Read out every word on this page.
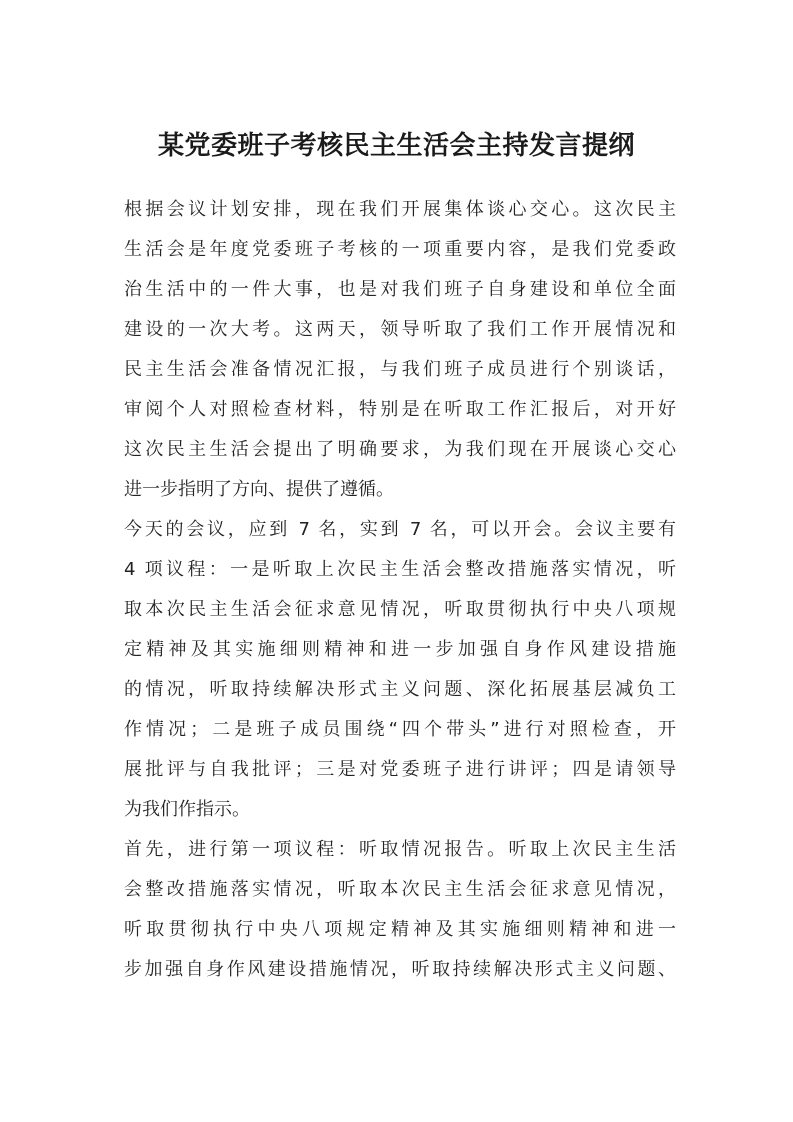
某党委班子考核民主生活会主持发言提纲
根据会议计划安排，现在我们开展集体谈心交心。这次民主
生活会是年度党委班子考核的一项重要内容，是我们党委政
治生活中的一件大事，也是对我们班子自身建设和单位全面
建设的一次大考。这两天，领导听取了我们工作开展情况和
民主生活会准备情况汇报，与我们班子成员进行个别谈话，
审阅个人对照检查材料，特别是在听取工作汇报后，对开好
这次民主生活会提出了明确要求，为我们现在开展谈心交心
进一步指明了方向、提供了遵循。
今天的会议，应到 7 名，实到 7 名，可以开会。会议主要有
4 项议程：一是听取上次民主生活会整改措施落实情况，听
取本次民主生活会征求意见情况，听取贯彻执行中央八项规
定精神及其实施细则精神和进一步加强自身作风建设措施
的情况，听取持续解决形式主义问题、深化拓展基层减负工
作情况；二是班子成员围绕“四个带头”进行对照检查，开
展批评与自我批评；三是对党委班子进行讲评；四是请领导
为我们作指示。
首先，进行第一项议程：听取情况报告。听取上次民主生活
会整改措施落实情况，听取本次民主生活会征求意见情况，
听取贯彻执行中央八项规定精神及其实施细则精神和进一
步加强自身作风建设措施情况，听取持续解决形式主义问题、
